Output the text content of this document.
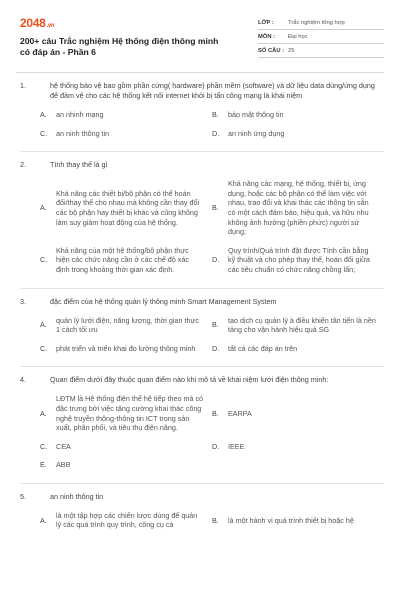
2048.vn
200+ câu Trắc nghiệm Hệ thống điện thông minh có đáp án - Phần 6
LỚP :	Trắc nghiệm tổng hợp
MÔN :	Đại học
SỐ CÂU : 25
1.	hệ thống bảo vệ bao gồm phần cứng( hardware) phần mềm (software) và dữ liệu data dùng/ứng dụng để đảm vệ cho các hệ thống kết nối internet khỏi bị tấn công mạng là khái niệm
A.	an nhinh mạng	B.	bảo mật thông tin
C.	an ninh thông tin	D.	an ninh ứng dụng
2.	Tính thay thế là gì
A.
Khả năng các thiết bị/bộ phận có thể hoán đổi/thay thế cho nhau mà không cần thay đổi các bộ phận hay thiết bị khác và cũng không làm suy giảm hoạt động của hệ thống.
B.
Khả năng các mạng, hệ thống, thiết bị, ứng dụng, hoặc các bộ phận có thể làm việc với nhau, trao đổi và khai thác các thông tin sẵn có một cách đảm bảo, hiệu quả, và hữu nhu không ảnh hưởng (phiền phức) người sử dụng;
C.
Khả năng của một hệ thống/bộ phận thực hiện các chức năng cần ở các chế độ xác định trong khoảng thời gian xác định.
D.
Quy trình/Quá trình đặt được Tính cần bằng kỹ thuật và cho phép thay thế, hoán đổi giữa các tiêu chuẩn có chức năng chồng lấn;
3.	đặc điểm của hệ thống quản lý thông minh Smart Management System
A.
quản lý lưới điện, năng lượng, thời gian thực 1 cách tối ưu
B.
tạo dịch cụ quản lý à điều khiển tân tiến là nền tảng cho vận hành hiệu quả SG
C.	phát triển và triển khai đo lường thông minh	D.	tất cả các đáp án trên
4.	Quan điểm dưới đây thuộc quan điểm nào khi mô tả về khái niệm lưới điện thông minh:
A.
LĐTM là Hệ thống điện thế hệ tiếp theo mà có đặc trưng bởi việc tăng cường khai thác công nghệ truyền thông-thông tin ICT trong sản xuất, phân phối, và tiêu thụ điện năng.
B.	EARPA
C.	CEA	D.	IEEE
E.	ABB
5.	an ninh thông tin
A.
là một tập hợp các chiến lược dùng để quản lý các quá trình quy trình, công cụ cà
B.	là một hành vi quá trình thiết bị hoặc hệ
